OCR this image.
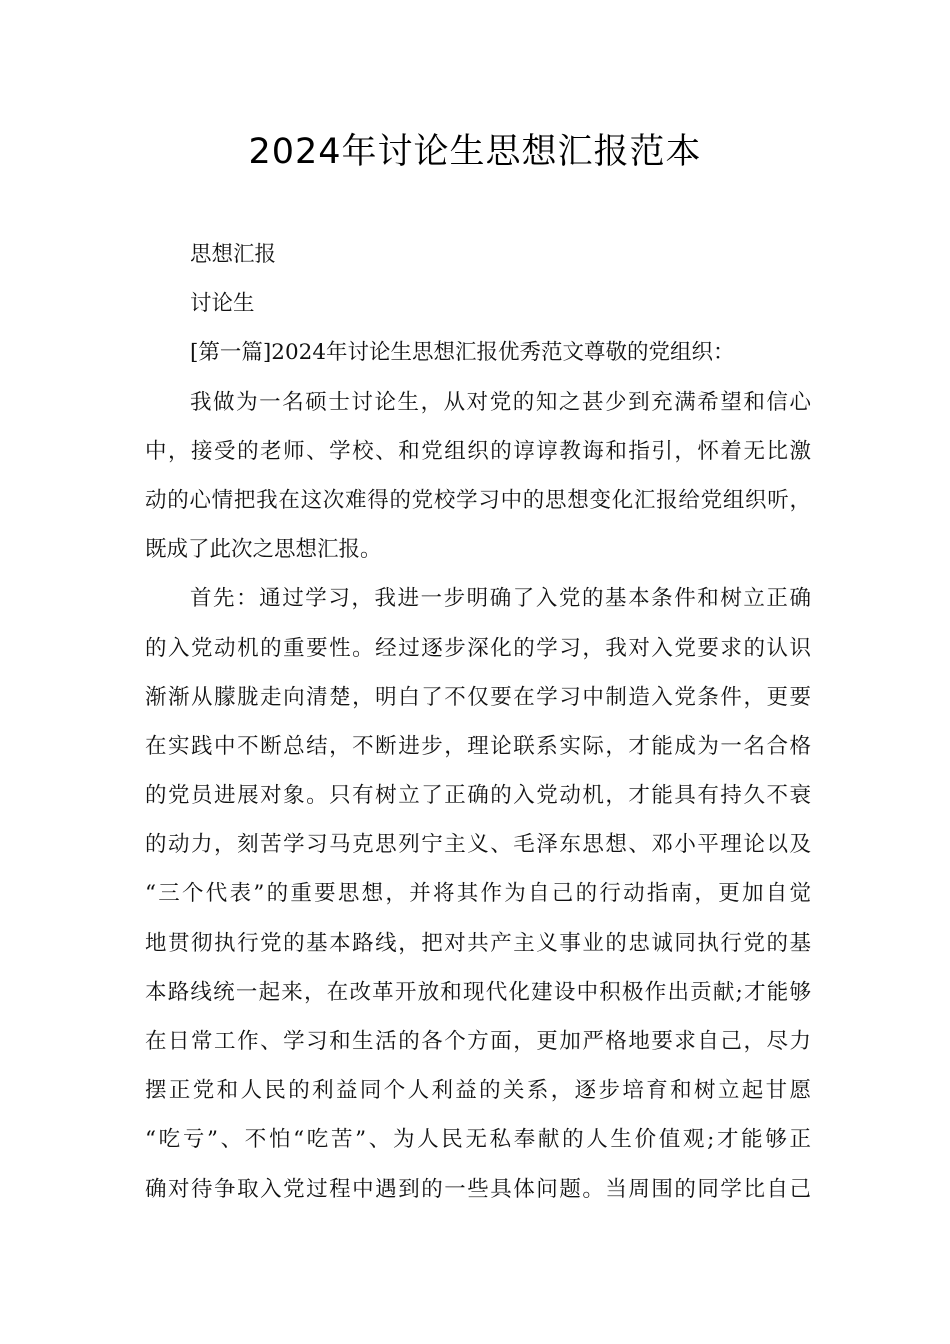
2024年讨论生思想汇报范本
思想汇报
讨论生
[第一篇]2024年讨论生思想汇报优秀范文尊敬的党组织：
我做为一名硕士讨论生，从对党的知之甚少到充满希望和信心
中，接受的老师、学校、和党组织的谆谆教诲和指引，怀着无比激
动的心情把我在这次难得的党校学习中的思想变化汇报给党组织听，
既成了此次之思想汇报。
首先：通过学习，我进一步明确了入党的基本条件和树立正确
的入党动机的重要性。经过逐步深化的学习，我对入党要求的认识
渐渐从朦胧走向清楚，明白了不仅要在学习中制造入党条件，更要
在实践中不断总结，不断进步，理论联系实际，才能成为一名合格
的党员进展对象。只有树立了正确的入党动机，才能具有持久不衰
的动力，刻苦学习马克思列宁主义、毛泽东思想、邓小平理论以及
“三个代表”的重要思想，并将其作为自己的行动指南，更加自觉
地贯彻执行党的基本路线，把对共产主义事业的忠诚同执行党的基
本路线统一起来，在改革开放和现代化建设中积极作出贡献;才能够
在日常工作、学习和生活的各个方面，更加严格地要求自己，尽力
摆正党和人民的利益同个人利益的关系，逐步培育和树立起甘愿
“吃亏”、不怕“吃苦”、为人民无私奉献的人生价值观;才能够正
确对待争取入党过程中遇到的一些具体问题。当周围的同学比自己
